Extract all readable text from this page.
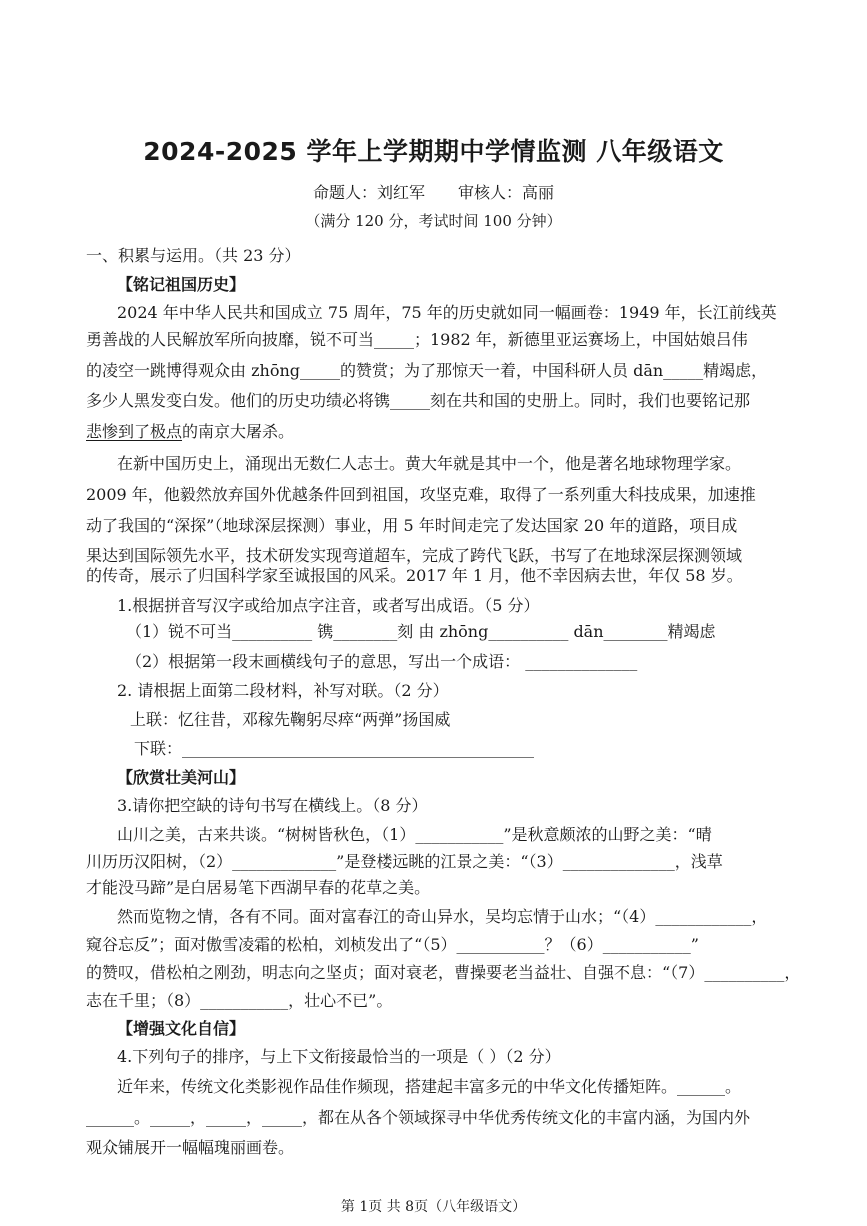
2024-2025 学年上学期期中学情监测 八年级语文
命题人：刘红军 审核人：高丽
（满分 120 分，考试时间 100 分钟）
一、积累与运用。（共 23 分）
【铭记祖国历史】
2024 年中华人民共和国成立 75 周年，75 年的历史就如同一幅画卷：1949 年，长江前线英
勇善战的人民解放军所向披靡，锐不可当_____；1982 年，新德里亚运赛场上，中国姑娘吕伟
的凌空一跳博得观众由 zhōng_____的赞赏；为了那惊天一着，中国科研人员 dān_____精竭虑，
多少人黑发变白发。他们的历史功绩必将镌_____刻在共和国的史册上。同时，我们也要铭记那
悲惨到了极点的南京大屠杀。
在新中国历史上，涌现出无数仁人志士。黄大年就是其中一个，他是著名地球物理学家。
2009 年，他毅然放弃国外优越条件回到祖国，攻坚克难，取得了一系列重大科技成果，加速推
动了我国的“深探”（地球深层探测）事业，用 5 年时间走完了发达国家 20 年的道路，项目成
果达到国际领先水平，技术研发实现弯道超车，完成了跨代飞跃，书写了在地球深层探测领域
的传奇，展示了归国科学家至诚报国的风采。2017 年 1 月，他不幸因病去世，年仅 58 岁。
1.根据拼音写汉字或给加点字注音，或者写出成语。（5 分）
（1）锐不可当__________ 镌________刻 由 zhōng__________ dān________精竭虑
（2）根据第一段末画横线句子的意思，写出一个成语： ______________
2. 请根据上面第二段材料，补写对联。（2 分）
上联：忆往昔，邓稼先鞠躬尽瘁“两弹”扬国威
下联：____________________________________________
【欣赏壮美河山】
3.请你把空缺的诗句书写在横线上。（8 分）
山川之美，古来共谈。“树树皆秋色，（1）___________”是秋意颇浓的山野之美：“晴
川历历汉阳树，（2）_____________”是登楼远眺的江景之美：“（3）______________，浅草
才能没马蹄”是白居易笔下西湖早春的花草之美。
然而览物之情，各有不同。面对富春江的奇山异水，吴均忘情于山水；“（4）____________，
窥谷忘反”；面对傲雪凌霜的松柏，刘桢发出了“（5）___________？（6）___________”
的赞叹，借松柏之刚劲，明志向之坚贞；面对衰老，曹操要老当益壮、自强不息：“（7）__________，
志在千里；（8）___________，壮心不已”。
【增强文化自信】
4.下列句子的排序，与上下文衔接最恰当的一项是（ ）（2 分）
近年来，传统文化类影视作品佳作频现，搭建起丰富多元的中华文化传播矩阵。______。
______。_____，_____，_____，都在从各个领域探寻中华优秀传统文化的丰富内涵，为国内外
观众铺展开一幅幅瑰丽画卷。
第 1页 共 8页（八年级语文）
